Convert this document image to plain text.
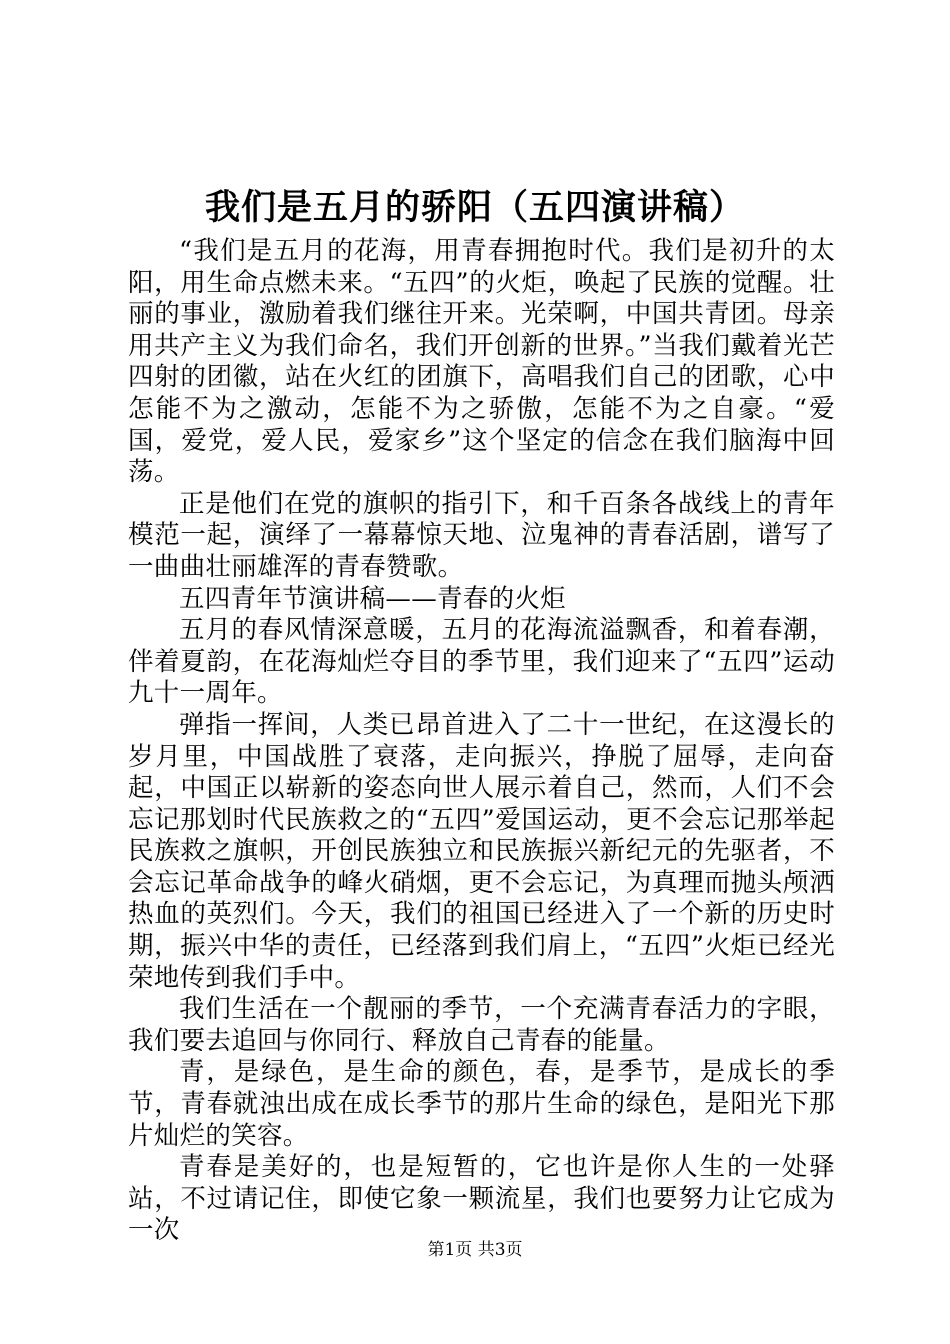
我们是五月的骄阳（五四演讲稿）

“我们是五月的花海，用青春拥抱时代。我们是初升的太阳，用生命点燃未来。“五四”的火炬，唤起了民族的觉醒。壮丽的事业，激励着我们继往开来。光荣啊，中国共青团。母亲用共产主义为我们命名，我们开创新的世界。”当我们戴着光芒四射的团徽，站在火红的团旗下，高唱我们自己的团歌，心中怎能不为之激动，怎能不为之骄傲，怎能不为之自豪。“爱国，爱党，爱人民，爱家乡”这个坚定的信念在我们脑海中回荡。

正是他们在党的旗帜的指引下，和千百条各战线上的青年模范一起，演绎了一幕幕惊天地、泣鬼神的青春活剧，谱写了一曲曲壮丽雄浑的青春赞歌。

五四青年节演讲稿——青春的火炬

五月的春风情深意暖，五月的花海流溢飘香，和着春潮，伴着夏韵，在花海灿烂夺目的季节里，我们迎来了“五四”运动九十一周年。

弹指一挥间，人类已昂首进入了二十一世纪，在这漫长的岁月里，中国战胜了衰落，走向振兴，挣脱了屈辱，走向奋起，中国正以崭新的姿态向世人展示着自己，然而，人们不会忘记那划时代民族救之的“五四”爱国运动，更不会忘记那举起民族救之旗帜，开创民族独立和民族振兴新纪元的先驱者，不会忘记革命战争的峰火硝烟，更不会忘记，为真理而抛头颅洒热血的英烈们。今天，我们的祖国已经进入了一个新的历史时期，振兴中华的责任，已经落到我们肩上，“五四”火炬已经光荣地传到我们手中。

我们生活在一个靓丽的季节，一个充满青春活力的字眼，我们要去追回与你同行、释放自己青春的能量。

青，是绿色，是生命的颜色，春，是季节，是成长的季节，青春就浊出成在成长季节的那片生命的绿色，是阳光下那片灿烂的笑容。

青春是美好的，也是短暂的，它也许是你人生的一处驿站，不过请记住，即使它象一颗流星，我们也要努力让它成为一次

第1页 共3页
